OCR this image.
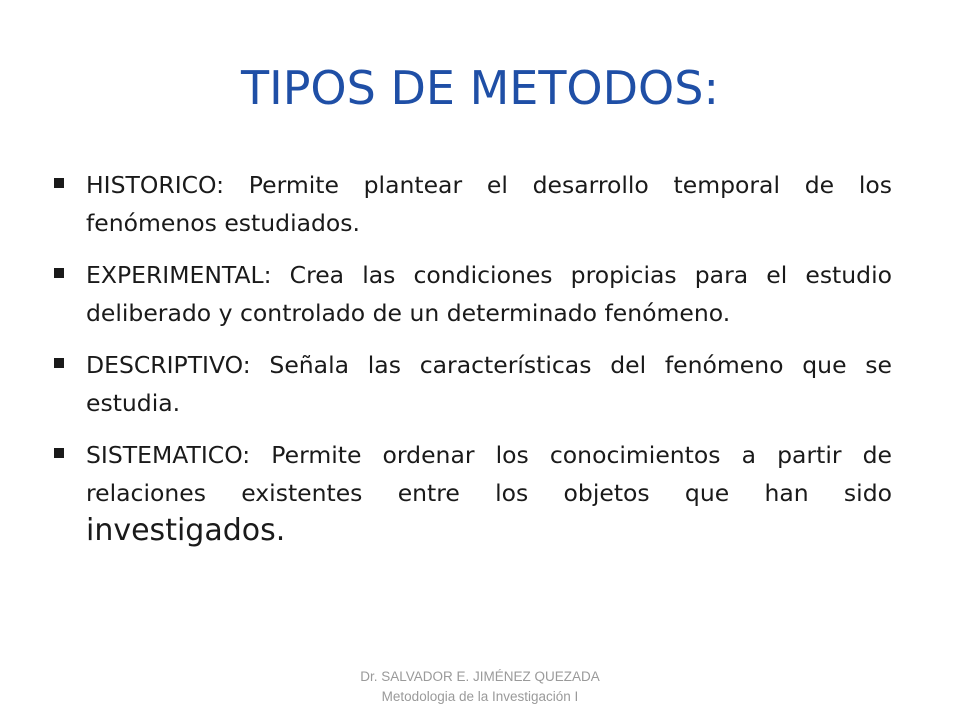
TIPOS DE METODOS:
HISTORICO: Permite plantear el desarrollo temporal de los fenómenos estudiados.
EXPERIMENTAL: Crea las condiciones propicias para el estudio deliberado y controlado de un determinado fenómeno.
DESCRIPTIVO: Señala las características del fenómeno que se estudia.
SISTEMATICO: Permite ordenar los conocimientos a partir de relaciones existentes entre los objetos que han sido investigados.
Dr. SALVADOR E. JIMÉNEZ QUEZADA
Metodologia de la Investigación I
